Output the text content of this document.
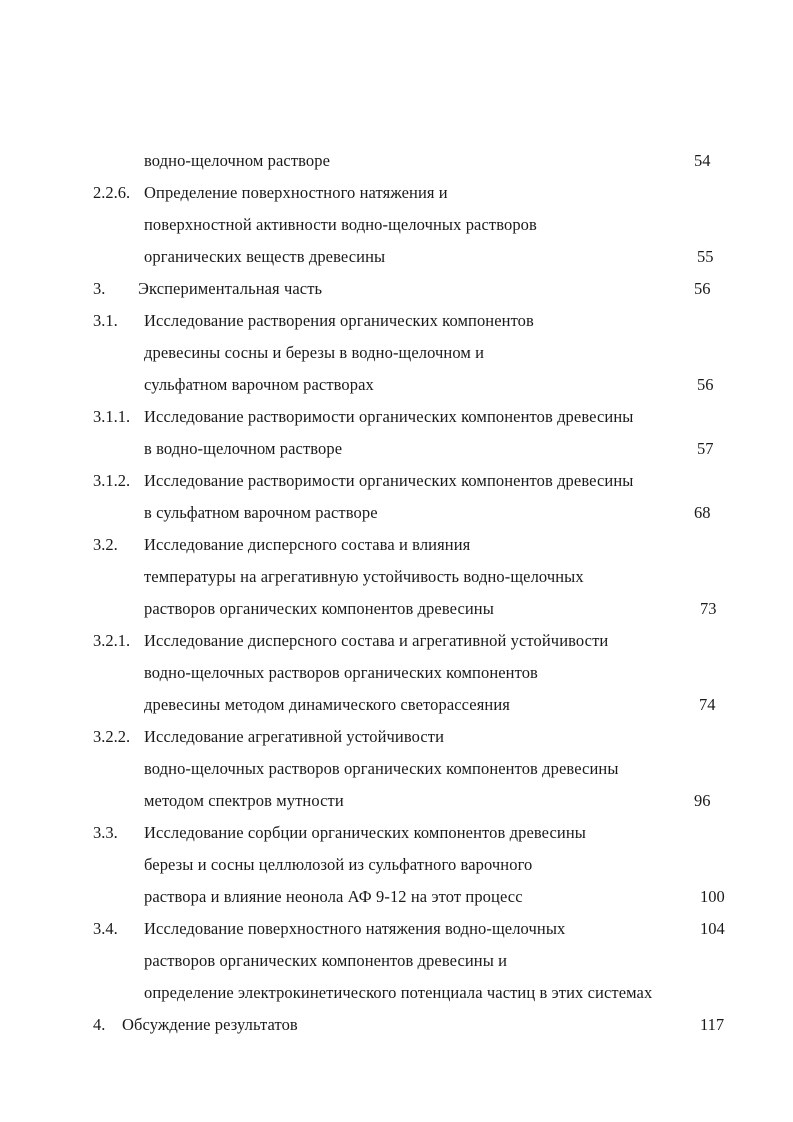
водно-щелочном растворе	54
2.2.6. Определение поверхностного натяжения и
поверхностной активности водно-щелочных растворов
органических веществ древесины	55
3. Экспериментальная часть	56
3.1. Исследование растворения органических компонентов
древесины сосны и березы в водно-щелочном и
сульфатном варочном растворах	56
3.1.1. Исследование растворимости органических компонентов древесины
в водно-щелочном растворе	57
3.1.2. Исследование растворимости органических компонентов древесины
в сульфатном варочном растворе	68
3.2. Исследование дисперсного состава и влияния
температуры на агрегативную устойчивость водно-щелочных
растворов органических компонентов древесины	73
3.2.1. Исследование дисперсного состава и агрегативной устойчивости
водно-щелочных растворов органических компонентов
древесины методом динамического светорассеяния	74
3.2.2. Исследование агрегативной устойчивости
водно-щелочных растворов органических компонентов древесины
методом спектров мутности	96
3.3. Исследование сорбции органических компонентов древесины
березы и сосны целлюлозой из сульфатного варочного
раствора и влияние неонола АФ 9-12 на этот процесс	100
3.4. Исследование поверхностного натяжения водно-щелочных	104
растворов органических компонентов древесины и
определение электрокинетического потенциала частиц в этих системах
4. Обсуждение результатов	117
